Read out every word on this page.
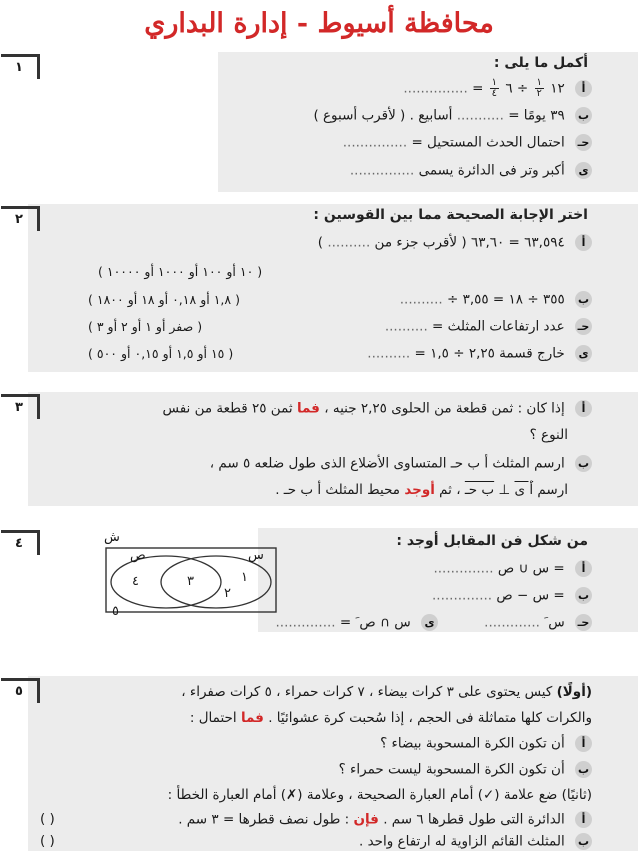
محافظة أسيوط - إدارة البداري
١	أكمل ما يلى :
أ ١٢
$\frac{١}{٢}$
÷ ٦
$\frac{١}{٤}$
= ...............
ب ٣٩ يومًا = ........... أسابيع . ( لأقرب أسبوع )
حـ احتمال الحدث المستحيل = ...............
ى أكبر وتر فى الدائرة يسمى ...............
٢	اختر الإجابة الصحيحة مما بين القوسين :
أ ٦٣,٥٩٤ = ٦٣,٦٠ ( لأقرب جزء من .......... )
( ١٠ أو ١٠٠ أو ١٠٠٠ أو ١٠٠٠٠ )
ب ٣٥٥ ÷ ١٨ = ٣,٥٥ ÷ ..........
( ١,٨ أو ٠,١٨ أو ١٨ أو ١٨٠٠ )
حـ عدد ارتفاعات المثلث = ..........
( صفر أو ١ أو ٢ أو ٣ )
ى خارج قسمة ٢,٢٥ ÷ ١,٥ = ..........
( ١٥ أو ١,٥ أو ٠,١٥ أو ٥٠٠ )
٣	أ إذا كان : ثمن قطعة من الحلوى ٢,٢٥ جنيه ، فما ثمن ٢٥ قطعة من نفس
النوع ؟
ب ارسم المثلث أ ب حـ المتساوى الأضلاع الذى طول ضلعه ٥ سم ،
ارسم أ ى ⊥ ب حـ ، ثم أوجد محيط المثلث أ ب حـ .
٤	من شكل فن المقابل أوجد :
أ = س ∪ ص ..............
ب = س − ص ..............
حـ س َ .............
ى س ∩ ص َ = ..............
ش
ص	س
٤	٣	١
٢
٥
٥	(أولًا) كيس يحتوى على ٣ كرات بيضاء ، ٧ كرات حمراء ، ٥ كرات صفراء ،
والكرات كلها متماثلة فى الحجم ، إذا سُحبت كرة عشوائيًا . فما احتمال :
أ أن تكون الكرة المسحوبة بيضاء ؟
ب أن تكون الكرة المسحوبة ليست حمراء ؟
(ثانيًا) ضع علامة (✓) أمام العبارة الصحيحة ، وعلامة (✗) أمام العبارة الخطأ :
أ الدائرة التى طول قطرها ٦ سم . فإن : طول نصف قطرها = ٣ سم .
( )
ب المثلث القائم الزاوية له ارتفاع واحد .
( )
